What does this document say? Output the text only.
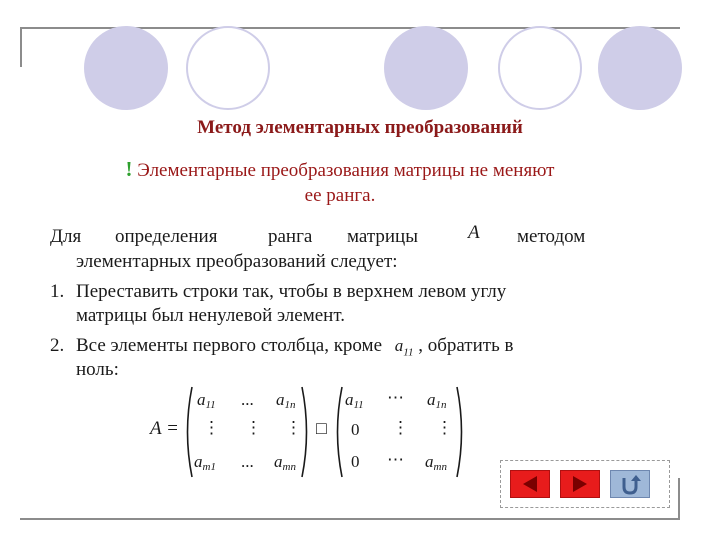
Метод элементарных преобразований
! Элементарные преобразования матрицы не меняют
ее ранга.
Для определения	ранга матрицы	A методом
элементарных преобразований следует:
1. Переставить строки так, чтобы в верхнем левом углу
матрицы был ненулевой элемент.
2. Все элементы первого столбца, кроме $a_{11}$ , обратить в
ноль:
A =
$a_{11}$ ... $a_{1n}$
⋮ ⋮ ⋮
$a_{m1}$ ... $a_{mn}$
□
$a_{11}$ ⋯ $a_{1n}$
0 ⋮ ⋮
0 ⋯ $a_{mn}$
